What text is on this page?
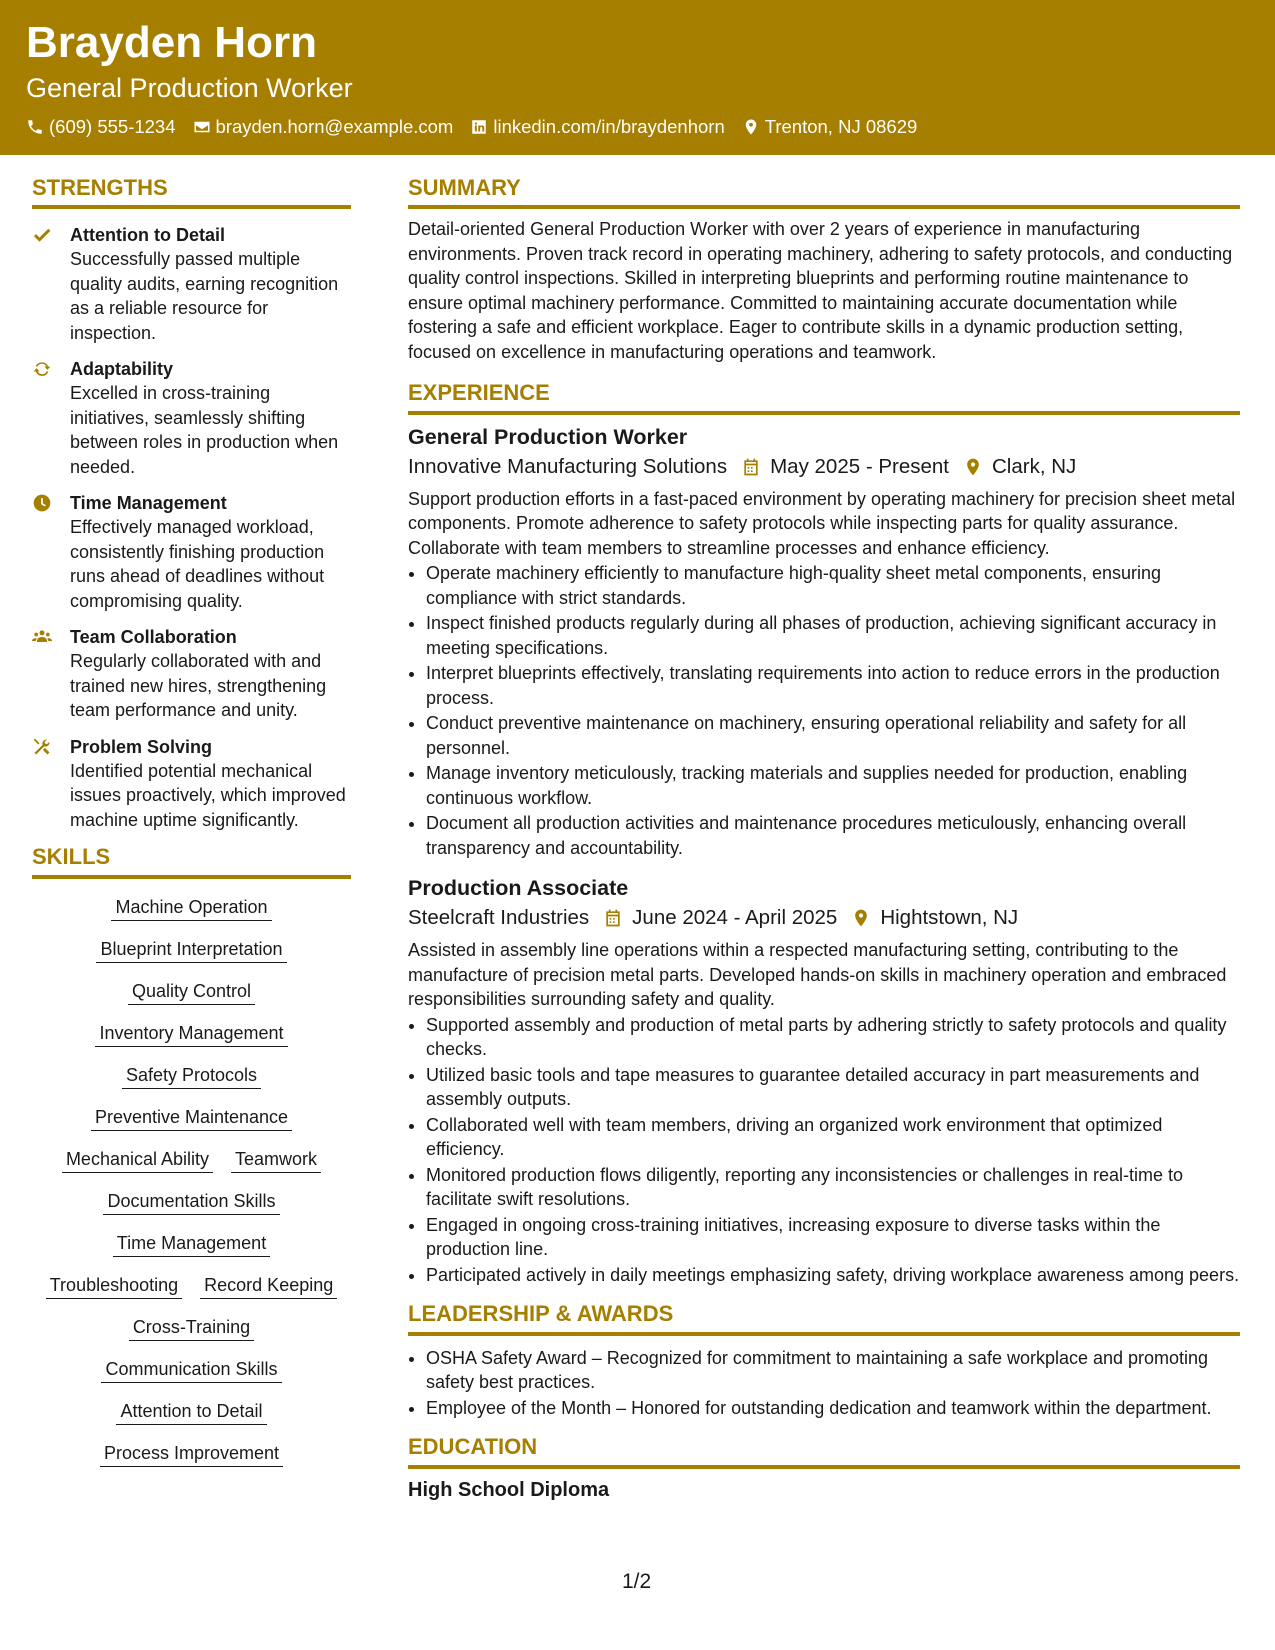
Brayden Horn
General Production Worker
(609) 555-1234 brayden.horn@example.com linkedin.com/in/braydenhorn Trenton, NJ 08629
STRENGTHS
Attention to Detail
Successfully passed multiple quality audits, earning recognition as a reliable resource for inspection.
Adaptability
Excelled in cross-training initiatives, seamlessly shifting between roles in production when needed.
Time Management
Effectively managed workload, consistently finishing production runs ahead of deadlines without compromising quality.
Team Collaboration
Regularly collaborated with and trained new hires, strengthening team performance and unity.
Problem Solving
Identified potential mechanical issues proactively, which improved machine uptime significantly.
SKILLS
Machine Operation
Blueprint Interpretation
Quality Control
Inventory Management
Safety Protocols
Preventive Maintenance
Mechanical Ability Teamwork
Documentation Skills
Time Management
Troubleshooting Record Keeping
Cross-Training
Communication Skills
Attention to Detail
Process Improvement
SUMMARY

Detail-oriented General Production Worker with over 2 years of experience in manufacturing environments. Proven track record in operating machinery, adhering to safety protocols, and conducting quality control inspections. Skilled in interpreting blueprints and performing routine maintenance to ensure optimal machinery performance. Committed to maintaining accurate documentation while fostering a safe and efficient workplace. Eager to contribute skills in a dynamic production setting, focused on excellence in manufacturing operations and teamwork.

EXPERIENCE
General Production Worker
Innovative Manufacturing Solutions May 2025 - Present Clark, NJ
Support production efforts in a fast-paced environment by operating machinery for precision sheet metal components. Promote adherence to safety protocols while inspecting parts for quality assurance. Collaborate with team members to streamline processes and enhance efficiency.
• Operate machinery efficiently to manufacture high-quality sheet metal components, ensuring compliance with strict standards.
• Inspect finished products regularly during all phases of production, achieving significant accuracy in meeting specifications.
• Interpret blueprints effectively, translating requirements into action to reduce errors in the production process.
• Conduct preventive maintenance on machinery, ensuring operational reliability and safety for all personnel.
• Manage inventory meticulously, tracking materials and supplies needed for production, enabling continuous workflow.
• Document all production activities and maintenance procedures meticulously, enhancing overall transparency and accountability.
Production Associate
Steelcraft Industries June 2024 - April 2025 Hightstown, NJ
Assisted in assembly line operations within a respected manufacturing setting, contributing to the manufacture of precision metal parts. Developed hands-on skills in machinery operation and embraced responsibilities surrounding safety and quality.
• Supported assembly and production of metal parts by adhering strictly to safety protocols and quality checks.
• Utilized basic tools and tape measures to guarantee detailed accuracy in part measurements and assembly outputs.
• Collaborated well with team members, driving an organized work environment that optimized efficiency.
• Monitored production flows diligently, reporting any inconsistencies or challenges in real-time to facilitate swift resolutions.
• Engaged in ongoing cross-training initiatives, increasing exposure to diverse tasks within the production line.
• Participated actively in daily meetings emphasizing safety, driving workplace awareness among peers.
LEADERSHIP & AWARDS
• OSHA Safety Award – Recognized for commitment to maintaining a safe workplace and promoting safety best practices.
• Employee of the Month – Honored for outstanding dedication and teamwork within the department.
EDUCATION
High School Diploma
1/2
